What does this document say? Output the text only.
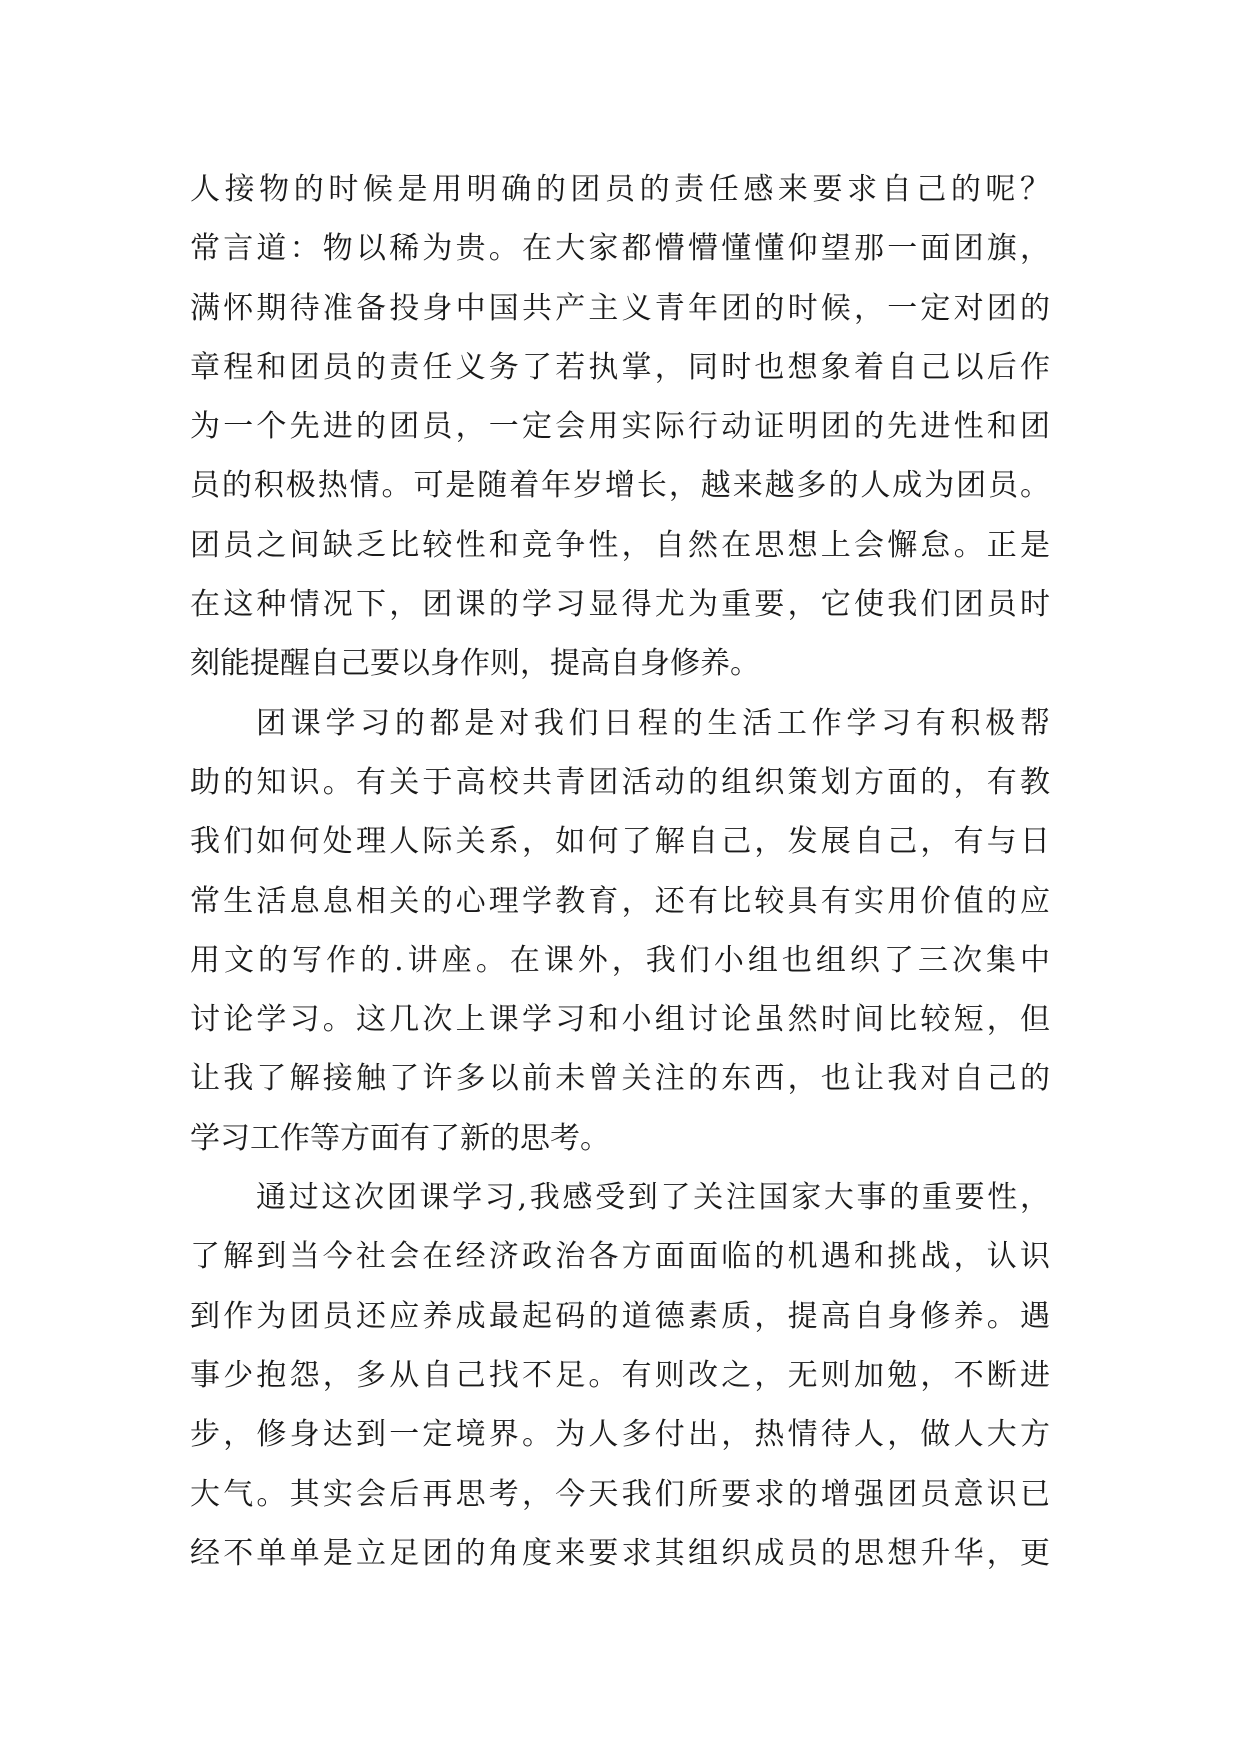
人接物的时候是用明确的团员的责任感来要求自己的呢？
常言道：物以稀为贵。在大家都懵懵懂懂仰望那一面团旗，
满怀期待准备投身中国共产主义青年团的时候，一定对团的
章程和团员的责任义务了若执掌，同时也想象着自己以后作
为一个先进的团员，一定会用实际行动证明团的先进性和团
员的积极热情。可是随着年岁增长，越来越多的人成为团员。
团员之间缺乏比较性和竞争性，自然在思想上会懈怠。正是
在这种情况下，团课的学习显得尤为重要，它使我们团员时
刻能提醒自己要以身作则，提高自身修养。
团课学习的都是对我们日程的生活工作学习有积极帮
助的知识。有关于高校共青团活动的组织策划方面的，有教
我们如何处理人际关系，如何了解自己，发展自己，有与日
常生活息息相关的心理学教育，还有比较具有实用价值的应
用文的写作的.讲座。在课外，我们小组也组织了三次集中
讨论学习。这几次上课学习和小组讨论虽然时间比较短，但
让我了解接触了许多以前未曾关注的东西，也让我对自己的
学习工作等方面有了新的思考。
通过这次团课学习,我感受到了关注国家大事的重要性，
了解到当今社会在经济政治各方面面临的机遇和挑战，认识
到作为团员还应养成最起码的道德素质，提高自身修养。遇
事少抱怨，多从自己找不足。有则改之，无则加勉，不断进
步，修身达到一定境界。为人多付出，热情待人，做人大方
大气。其实会后再思考，今天我们所要求的增强团员意识已
经不单单是立足团的角度来要求其组织成员的思想升华，更
